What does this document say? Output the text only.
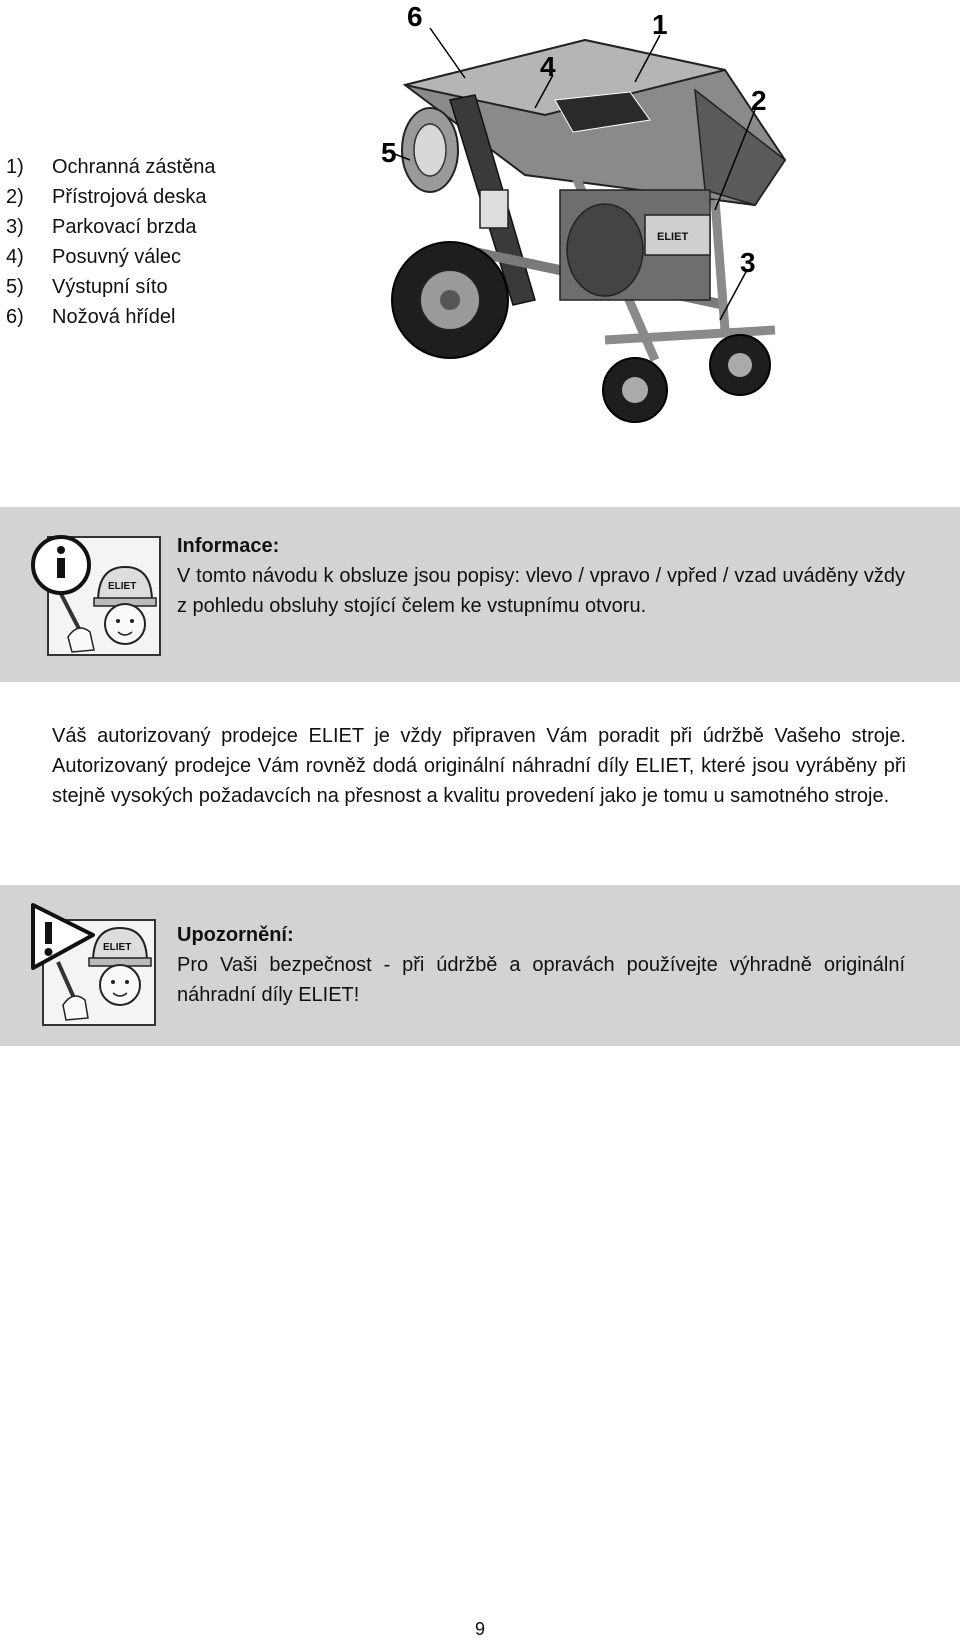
1) Ochranná zástěna
2) Přístrojová deska
3) Parkovací brzda
4) Posuvný válec
5) Výstupní síto
6) Nožová hřídel
ELIET
6	1
4
2
5
3
ELIET
Informace:
V tomto návodu k obsluze jsou popisy: vlevo / vpravo / vpřed / vzad uváděny vždy z pohledu obsluhy stojící čelem ke vstupnímu otvoru.

Váš autorizovaný prodejce ELIET je vždy připraven Vám poradit při údržbě Vašeho stroje. Autorizovaný prodejce Vám rovněž dodá originální náhradní díly ELIET, které jsou vyráběny při stejně vysokých požadavcích na přesnost a kvalitu provedení jako je tomu u samotného stroje.

ELIET
Upozornění:
Pro Vaši bezpečnost - při údržbě a opravách používejte výhradně originální náhradní díly ELIET!
9
